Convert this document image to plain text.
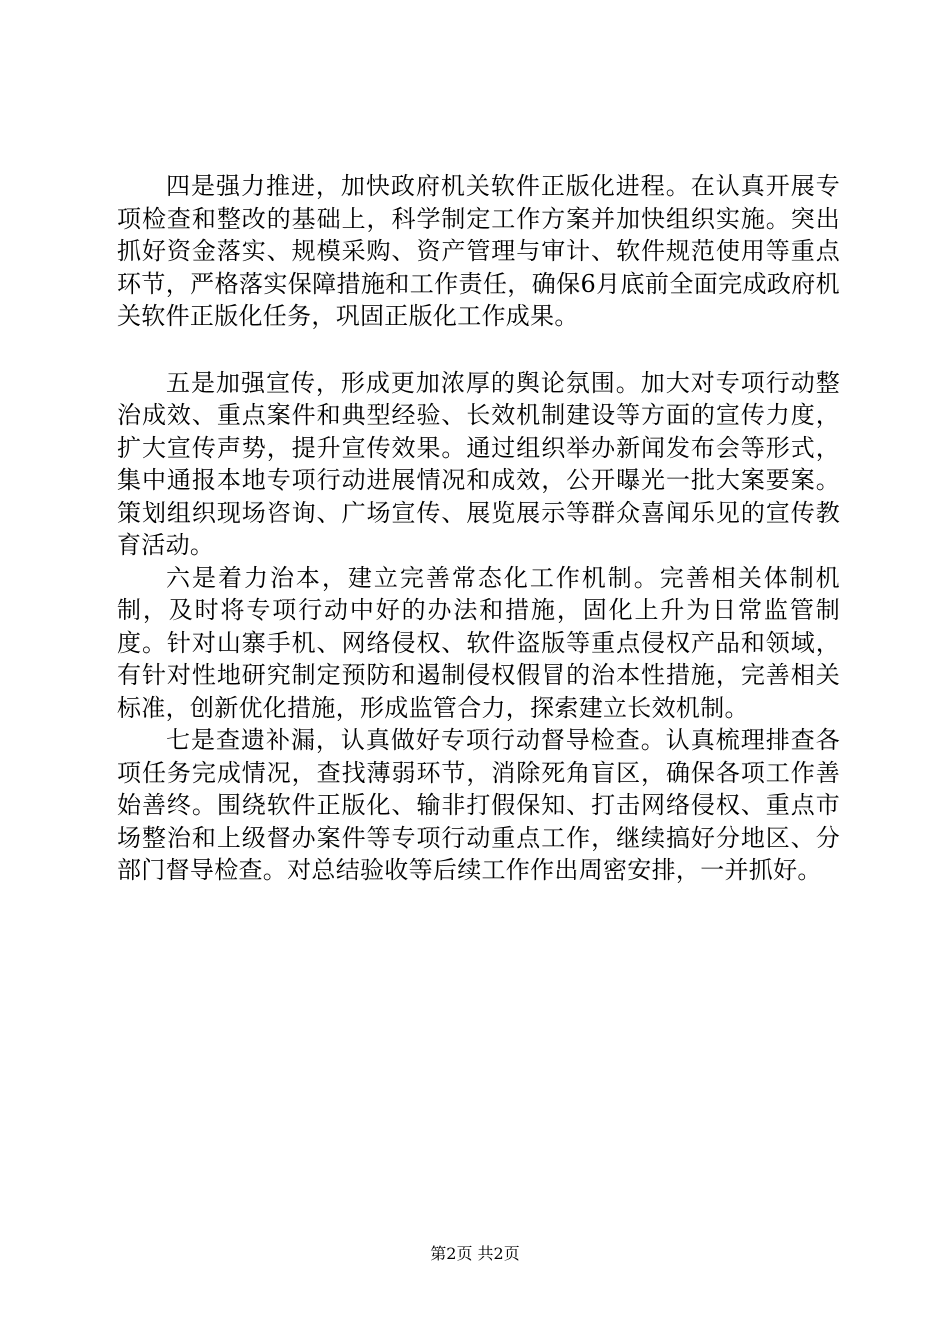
四是强力推进，加快政府机关软件正版化进程。在认真开展专项检查和整改的基础上，科学制定工作方案并加快组织实施。突出抓好资金落实、规模采购、资产管理与审计、软件规范使用等重点环节，严格落实保障措施和工作责任，确保6月底前全面完成政府机关软件正版化任务，巩固正版化工作成果。

五是加强宣传，形成更加浓厚的舆论氛围。加大对专项行动整治成效、重点案件和典型经验、长效机制建设等方面的宣传力度，扩大宣传声势，提升宣传效果。通过组织举办新闻发布会等形式，集中通报本地专项行动进展情况和成效，公开曝光一批大案要案。策划组织现场咨询、广场宣传、展览展示等群众喜闻乐见的宣传教育活动。

六是着力治本，建立完善常态化工作机制。完善相关体制机制，及时将专项行动中好的办法和措施，固化上升为日常监管制度。针对山寨手机、网络侵权、软件盗版等重点侵权产品和领域，有针对性地研究制定预防和遏制侵权假冒的治本性措施，完善相关标准，创新优化措施，形成监管合力，探索建立长效机制。

七是查遗补漏，认真做好专项行动督导检查。认真梳理排查各项任务完成情况，查找薄弱环节，消除死角盲区，确保各项工作善始善终。围绕软件正版化、输非打假保知、打击网络侵权、重点市场整治和上级督办案件等专项行动重点工作，继续搞好分地区、分部门督导检查。对总结验收等后续工作作出周密安排，一并抓好。

第2页 共2页
